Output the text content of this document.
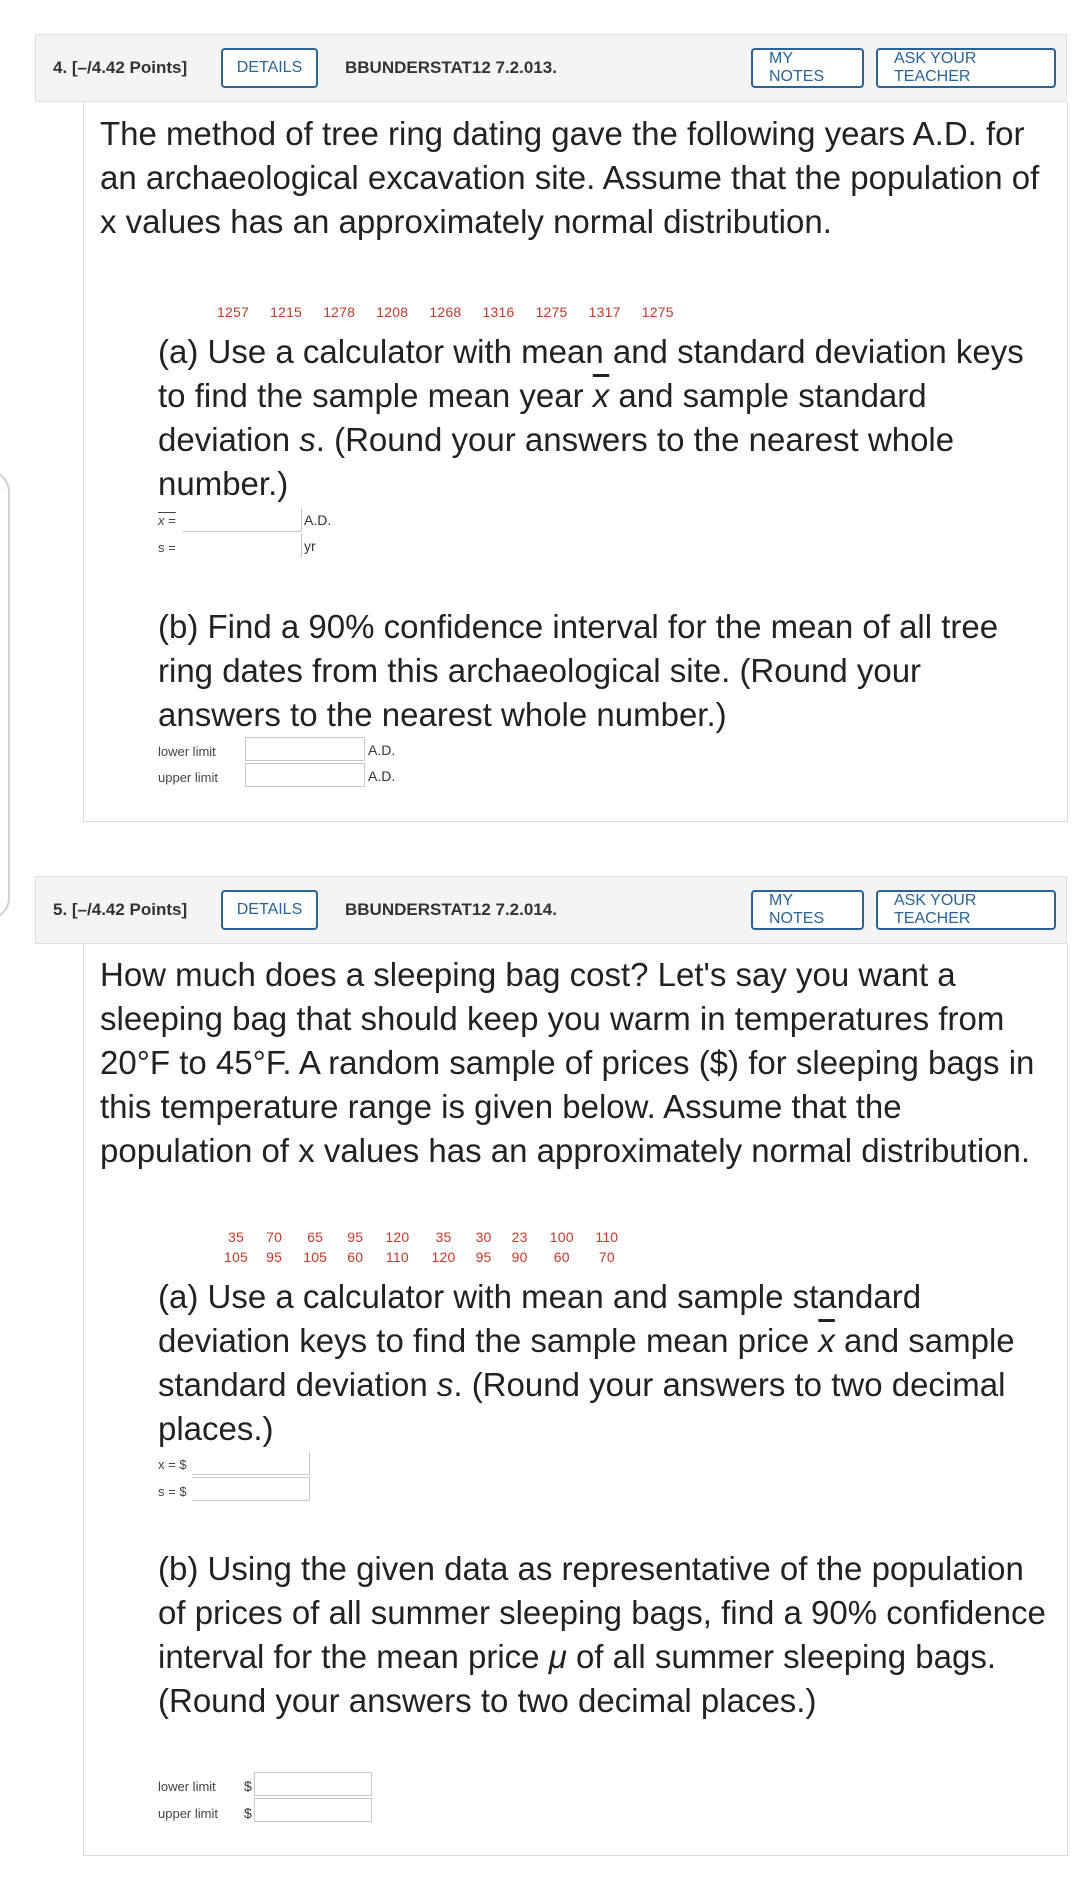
4. [–/4.42 Points]	DETAILS	BBUNDERSTAT12 7.2.013.	MY NOTES
ASK YOUR TEACHER
The method of tree ring dating gave the following years A.D. for an archaeological excavation site. Assume that the population of x values has an approximately normal distribution.
1257 1215 1278 1208 1268 1316 1275 1317 1275
(a) Use a calculator with mean and standard deviation keys to find the sample mean year $\overline{x}$ and sample standard deviation s. (Round your answers to the nearest whole number.)
x =	A.D.
s =	yr
(b) Find a 90% confidence interval for the mean of all tree ring dates from this archaeological site. (Round your answers to the nearest whole number.)
lower limit	A.D.
upper limit	A.D.
5. [–/4.42 Points]	DETAILS	BBUNDERSTAT12 7.2.014.	MY NOTES
ASK YOUR TEACHER
How much does a sleeping bag cost? Let's say you want a sleeping bag that should keep you warm in temperatures from 20°F to 45°F. A random sample of prices ($) for sleeping bags in this temperature range is given below. Assume that the population of x values has an approximately normal distribution.
35 70 65 95 120 35 30 23 100 110
105 95 105 60 110 120 95 90 60 70
(a) Use a calculator with mean and sample standard deviation keys to find the sample mean price $\overline{x}$ and sample standard deviation s. (Round your answers to two decimal places.)
x = $
s = $
(b) Using the given data as representative of the population of prices of all summer sleeping bags, find a 90% confidence interval for the mean price μ of all summer sleeping bags. (Round your answers to two decimal places.)
lower limit $
upper limit $
